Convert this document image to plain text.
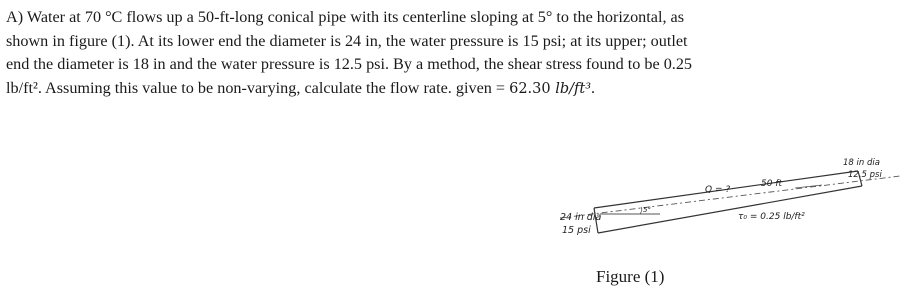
A) Water at 70 °C flows up a 50-ft-long conical pipe with its centerline sloping at 5° to the horizontal, as

shown in figure (1). At its lower end the diameter is 24 in, the water pressure is 15 psi; at its upper; outlet

end the diameter is 18 in and the water pressure is 12.5 psi. By a method, the shear stress found to be 0.25

lb/ft². Assuming this value to be non-varying, calculate the flow rate. given = 62.30 lb/ft³.

24 in dia
15 psi
5°
Q = ?
50 ft
τ₀ = 0.25 lb/ft²
18 in dia
12.5 psi
Figure (1)
